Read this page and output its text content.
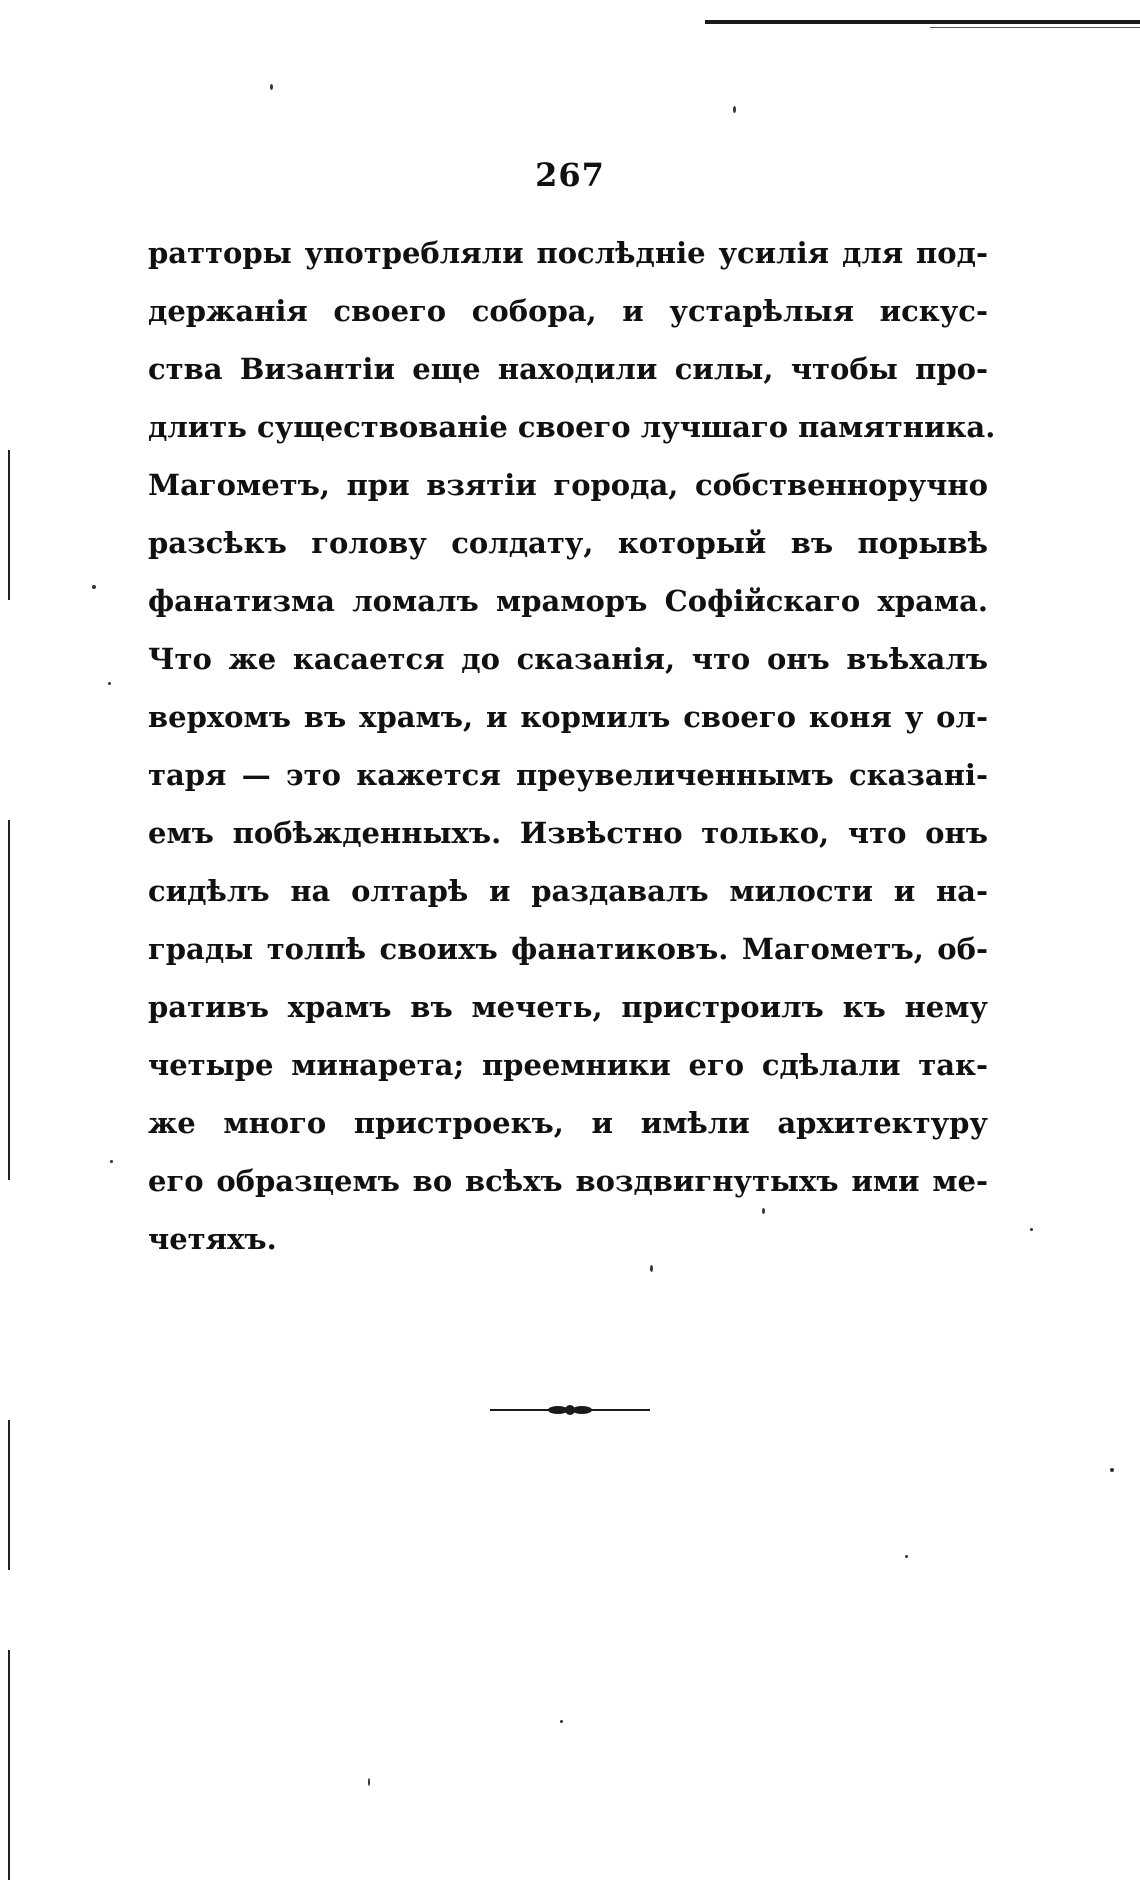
267
ратторы употребляли послѣдніе усилія для под-
держанія своего собора, и устарѣлыя искус-
ства Византіи еще находили силы, чтобы про-
длить существованіе своего лучшаго памятника.
Магометъ, при взятіи города, собственноручно
разсѣкъ голову солдату, который въ порывѣ
фанатизма ломалъ мраморъ Софійскаго храма.
Что же касается до сказанія, что онъ въѣхалъ
верхомъ въ храмъ, и кормилъ своего коня у ол-
таря — это кажется преувеличеннымъ сказані-
емъ побѣжденныхъ. Извѣстно только, что онъ
сидѣлъ на олтарѣ и раздавалъ милости и на-
грады толпѣ своихъ фанатиковъ. Магометъ, об-
ративъ храмъ въ мечеть, пристроилъ къ нему
четыре минарета; преемники его сдѣлали так-
же много пристроекъ, и имѣли архитектуру
его образцемъ во всѣхъ воздвигнутыхъ ими ме-
четяхъ.
